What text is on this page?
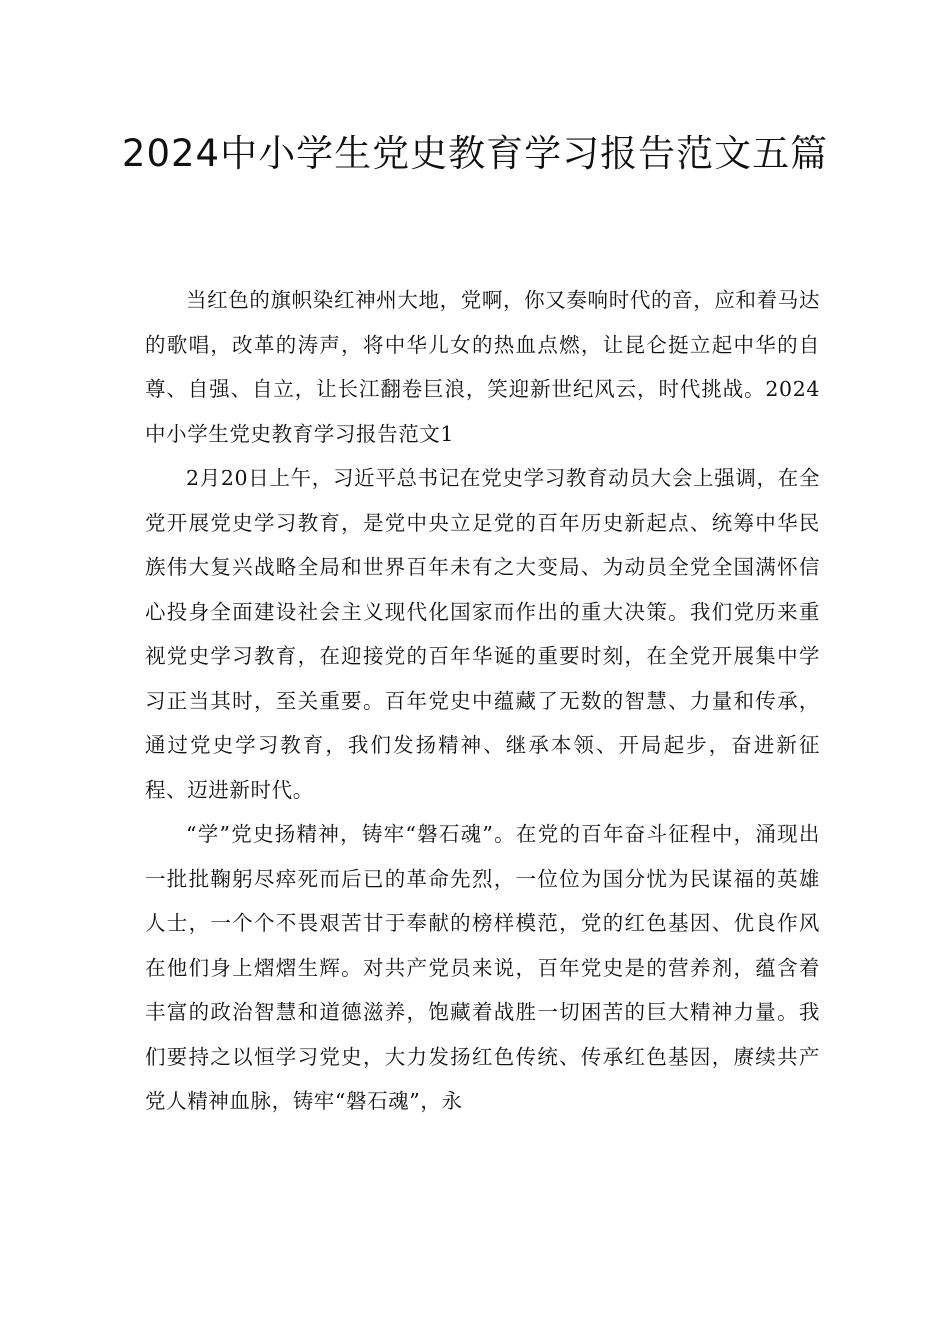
2024中小学生党史教育学习报告范文五篇

当红色的旗帜染红神州大地，党啊，你又奏响时代的音，应和着马达的歌唱，改革的涛声，将中华儿女的热血点燃，让昆仑挺立起中华的自尊、自强、自立，让长江翻卷巨浪，笑迎新世纪风云，时代挑战。2024中小学生党史教育学习报告范文1

2月20日上午，习近平总书记在党史学习教育动员大会上强调，在全党开展党史学习教育，是党中央立足党的百年历史新起点、统筹中华民族伟大复兴战略全局和世界百年未有之大变局、为动员全党全国满怀信心投身全面建设社会主义现代化国家而作出的重大决策。我们党历来重视党史学习教育，在迎接党的百年华诞的重要时刻，在全党开展集中学习正当其时，至关重要。百年党史中蕴藏了无数的智慧、力量和传承，通过党史学习教育，我们发扬精神、继承本领、开局起步，奋进新征程、迈进新时代。

“学”党史扬精神，铸牢“磐石魂”。在党的百年奋斗征程中，涌现出一批批鞠躬尽瘁死而后已的革命先烈，一位位为国分忧为民谋福的英雄人士，一个个不畏艰苦甘于奉献的榜样模范，党的红色基因、优良作风在他们身上熠熠生辉。对共产党员来说，百年党史是的营养剂，蕴含着丰富的政治智慧和道德滋养，饱藏着战胜一切困苦的巨大精神力量。我们要持之以恒学习党史，大力发扬红色传统、传承红色基因，赓续共产党人精神血脉，铸牢“磐石魂”，永
